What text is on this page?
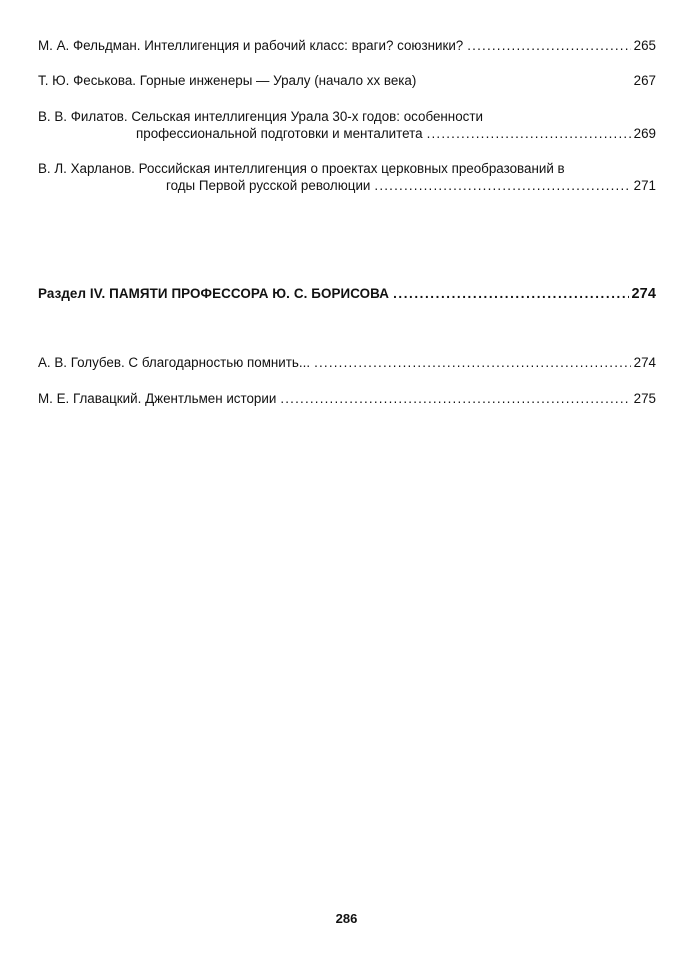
М. А. Фельдман. Интеллигенция и рабочий класс: враги? союзники? .....	265
Т. Ю. Феськова. Горные инженеры — Уралу (начало хх века)	267
В. В. Филатов. Сельская интеллигенция Урала 30-х годов: особенности
профессиональной подготовки и менталитета .....	269
В. Л. Харланов. Российская интеллигенция о проектах церковных преобразований в
годы Первой русской революции .....	271
Раздел IV. ПАМЯТИ ПРОФЕССОРА Ю. С. БОРИСОВА .....	274
А. В. Голубев. С благодарностью помнить... .....	274
М. Е. Главацкий. Джентльмен истории .....	275
286
